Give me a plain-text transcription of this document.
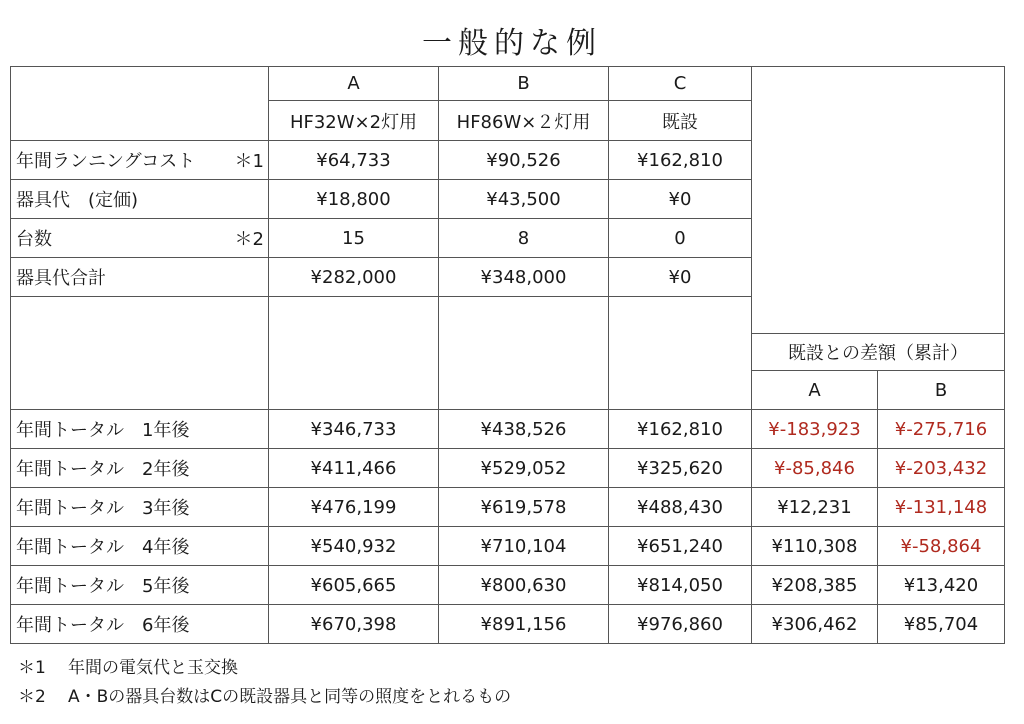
一般的な例
	A	B	C		
	HF32W×2灯用	HF86W×２灯用	既設		

年間ランニングコスト ＊1	¥64,733	¥90,526	¥162,810		

器具代　(定価)	¥18,800	¥43,500	¥0		

台数 ＊2	15	8	0		

器具代合計	¥282,000	¥348,000	¥0		

				既設との差額（累計）	
				A	B
年間トータル　1年後	¥346,733	¥438,526	¥162,810	¥-183,923	¥-275,716
年間トータル　2年後	¥411,466	¥529,052	¥325,620	¥-85,846	¥-203,432
年間トータル　3年後	¥476,199	¥619,578	¥488,430	¥12,231	¥-131,148
年間トータル　4年後	¥540,932	¥710,104	¥651,240	¥110,308	¥-58,864
年間トータル　5年後	¥605,665	¥800,630	¥814,050	¥208,385	¥13,420
年間トータル　6年後	¥670,398	¥891,156	¥976,860	¥306,462	¥85,704
＊1 年間の電気代と玉交換
＊2 A・Bの器具台数はCの既設器具と同等の照度をとれるもの
